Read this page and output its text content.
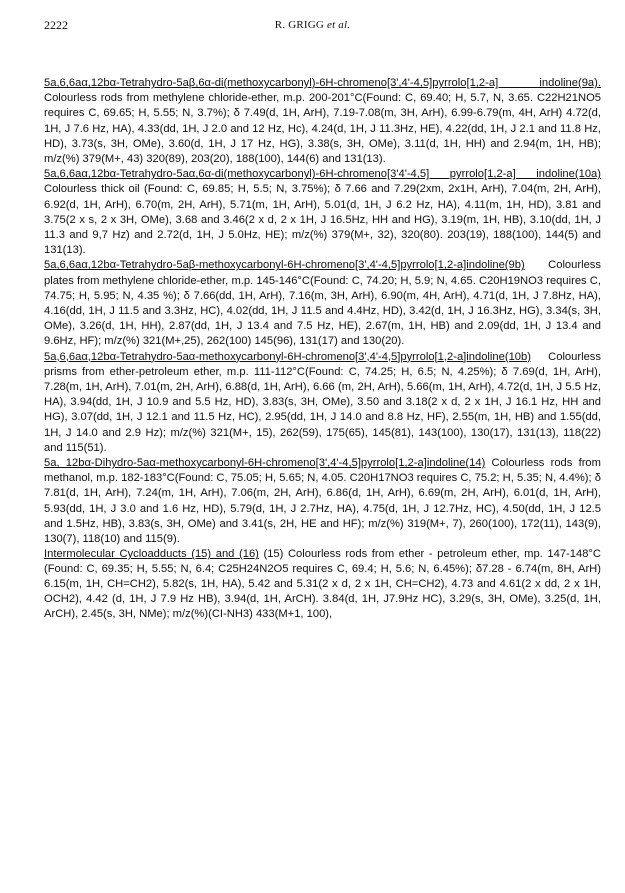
2222	R. GRIGG et al.

5a,6,6aα,12bα-Tetrahydro-5aβ,6α-di(methoxycarbonyl)-6H-chromeno[3',4'-4,5]pyrrolo[1,2-a] indoline(9a). Colourless rods from methylene chloride-ether, m.p. 200-201°C(Found: C, 69.40; H, 5.7, N, 3.65. C22H21NO5 requires C, 69.65; H, 5.55; N, 3.7%); δ 7.49(d, 1H, ArH), 7.19-7.08(m, 3H, ArH), 6.99-6.79(m, 4H, ArH) 4.72(d, 1H, J 7.6 Hz, HA), 4.33(dd, 1H, J 2.0 and 12 Hz, Hc), 4.24(d, 1H, J 11.3Hz, HE), 4.22(dd, 1H, J 2.1 and 11.8 Hz, HD), 3.73(s, 3H, OMe), 3.60(d, 1H, J 17 Hz, HG), 3.38(s, 3H, OMe), 3.11(d, 1H, HH) and 2.94(m, 1H, HB); m/z(%) 379(M+, 43) 320(89), 203(20), 188(100), 144(6) and 131(13).

5a,6,6aα,12bα-Tetrahydro-5aα,6α-di(methoxycarbonyl)-6H-chromeno[3'4'-4,5] pyrrolo[1,2-a] indoline(10a) Colourless thick oil (Found: C, 69.85; H, 5.5; N, 3.75%); δ 7.66 and 7.29(2xm, 2x1H, ArH), 7.04(m, 2H, ArH), 6.92(d, 1H, ArH), 6.70(m, 2H, ArH), 5.71(m, 1H, ArH), 5.01(d, 1H, J 6.2 Hz, HA), 4.11(m, 1H, HD), 3.81 and 3.75(2 x s, 2 x 3H, OMe), 3.68 and 3.46(2 x d, 2 x 1H, J 16.5Hz, HH and HG), 3.19(m, 1H, HB), 3.10(dd, 1H, J 11.3 and 9,7 Hz) and 2.72(d, 1H, J 5.0Hz, HE); m/z(%) 379(M+, 32), 320(80). 203(19), 188(100), 144(5) and 131(13).

5a,6,6aα,12bα-Tetrahydro-5aβ-methoxycarbonyl-6H-chromeno[3',4'-4,5]pyrrolo[1,2-a]indoline(9b) Colourless plates from methylene chloride-ether, m.p. 145-146°C(Found: C, 74.20; H, 5.9; N, 4.65. C20H19NO3 requires C, 74.75; H, 5.95; N, 4.35 %); δ 7.66(dd, 1H, ArH), 7.16(m, 3H, ArH), 6.90(m, 4H, ArH), 4.71(d, 1H, J 7.8Hz, HA), 4.16(dd, 1H, J 11.5 and 3.3Hz, HC), 4.02(dd, 1H, J 11.5 and 4.4Hz, HD), 3.42(d, 1H, J 16.3Hz, HG), 3.34(s, 3H, OMe), 3.26(d, 1H, HH), 2.87(dd, 1H, J 13.4 and 7.5 Hz, HE), 2.67(m, 1H, HB) and 2.09(dd, 1H, J 13.4 and 9.6Hz, HF); m/z(%) 321(M+,25), 262(100) 145(96), 131(17) and 130(20).

5a,6,6aα,12bα-Tetrahydro-5aα-methoxycarbonyl-6H-chromeno[3',4'-4,5]pyrrolo[1,2-a]indoline(10b) Colourless prisms from ether-petroleum ether, m.p. 111-112°C(Found: C, 74.25; H, 6.5; N, 4.25%); δ 7.69(d, 1H, ArH), 7.28(m, 1H, ArH), 7.01(m, 2H, ArH), 6.88(d, 1H, ArH), 6.66 (m, 2H, ArH), 5.66(m, 1H, ArH), 4.72(d, 1H, J 5.5 Hz, HA), 3.94(dd, 1H, J 10.9 and 5.5 Hz, HD), 3.83(s, 3H, OMe), 3.50 and 3.18(2 x d, 2 x 1H, J 16.1 Hz, HH and HG), 3.07(dd, 1H, J 12.1 and 11.5 Hz, HC), 2.95(dd, 1H, J 14.0 and 8.8 Hz, HF), 2.55(m, 1H, HB) and 1.55(dd, 1H, J 14.0 and 2.9 Hz); m/z(%) 321(M+, 15), 262(59), 175(65), 145(81), 143(100), 130(17), 131(13), 118(22) and 115(51).

5a, 12bα-Dihydro-5aα-methoxycarbonyl-6H-chromeno[3',4'-4,5]pyrrolo[1,2-a]indoline(14) Colourless rods from methanol, m.p. 182-183°C(Found: C, 75.05; H, 5.65; N, 4.05. C20H17NO3 requires C, 75.2; H, 5.35; N, 4.4%); δ 7.81(d, 1H, ArH), 7.24(m, 1H, ArH), 7.06(m, 2H, ArH), 6.86(d, 1H, ArH), 6.69(m, 2H, ArH), 6.01(d, 1H, ArH), 5.93(dd, 1H, J 3.0 and 1.6 Hz, HD), 5.79(d, 1H, J 2.7Hz, HA), 4.75(d, 1H, J 12.7Hz, HC), 4.50(dd, 1H, J 12.5 and 1.5Hz, HB), 3.83(s, 3H, OMe) and 3.41(s, 2H, HE and HF); m/z(%) 319(M+, 7), 260(100), 172(11), 143(9), 130(7), 118(10) and 115(9).

Intermolecular Cycloadducts (15) and (16) (15) Colourless rods from ether - petroleum ether, mp. 147-148°C (Found: C, 69.35; H, 5.55; N, 6.4; C25H24N2O5 requires C, 69.4; H, 5.6; N, 6.45%); δ7.28 - 6.74(m, 8H, ArH) 6.15(m, 1H, CH=CH2), 5.82(s, 1H, HA), 5.42 and 5.31(2 x d, 2 x 1H, CH=CH2), 4.73 and 4.61(2 x dd, 2 x 1H, OCH2), 4.42 (d, 1H, J 7.9 Hz HB), 3.94(d, 1H, ArCH). 3.84(d, 1H, J7.9Hz HC), 3.29(s, 3H, OMe), 3.25(d, 1H, ArCH), 2.45(s, 3H, NMe); m/z(%)(CI-NH3) 433(M+1, 100),
